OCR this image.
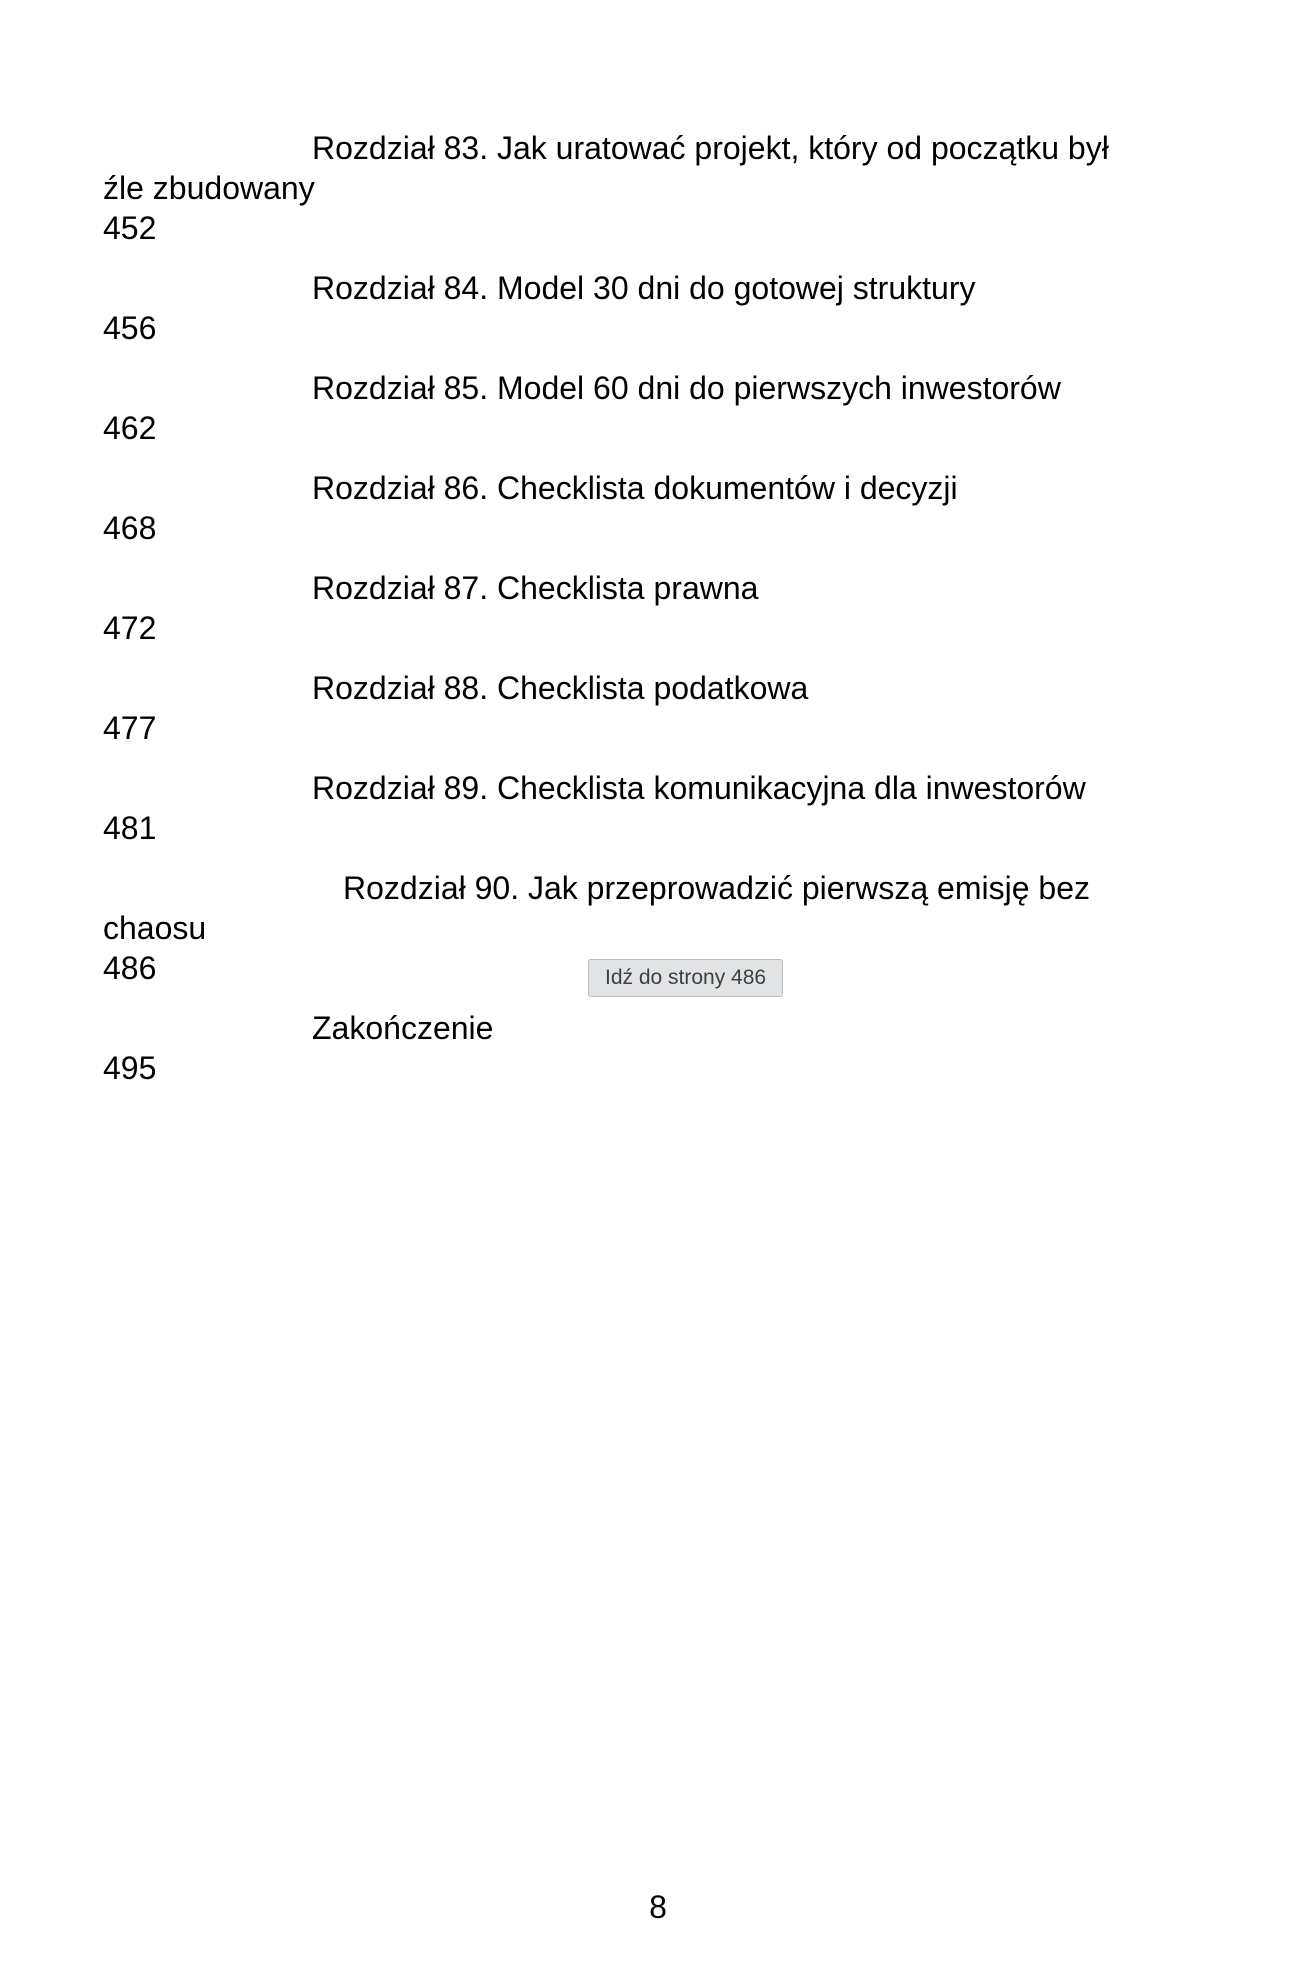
Rozdział 83. Jak uratować projekt, który od początku był
źle zbudowany
452
Rozdział 84. Model 30 dni do gotowej struktury
456
Rozdział 85. Model 60 dni do pierwszych inwestorów
462
Rozdział 86. Checklista dokumentów i decyzji
468
Rozdział 87. Checklista prawna
472
Rozdział 88. Checklista podatkowa
477
Rozdział 89. Checklista komunikacyjna dla inwestorów
481
Rozdział 90. Jak przeprowadzić pierwszą emisję bez
chaosu
486
Zakończenie
495
Idź do strony 486
8
